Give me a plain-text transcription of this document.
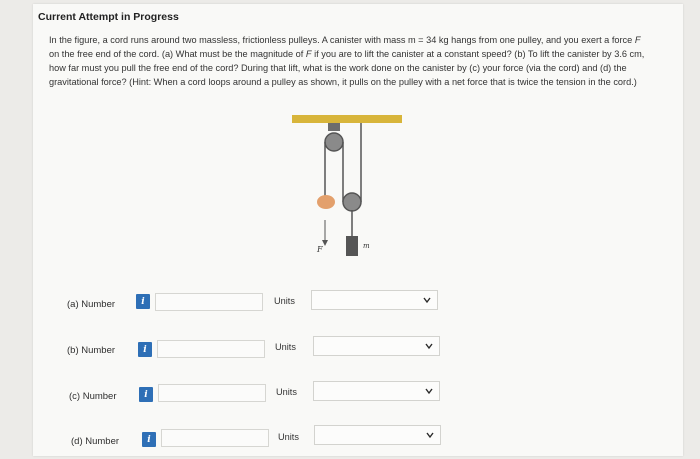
Current Attempt in Progress
In the figure, a cord runs around two massless, frictionless pulleys. A canister with mass m = 34 kg hangs from one pulley, and you exert a force F on the free end of the cord. (a) What must be the magnitude of F if you are to lift the canister at a constant speed? (b) To lift the canister by 3.6 cm, how far must you pull the free end of the cord? During that lift, what is the work done on the canister by (c) your force (via the cord) and (d) the gravitational force? (Hint: When a cord loops around a pulley as shown, it pulls on the pulley with a net force that is twice the tension in the cord.)
F	m
(a) Number	i	Units
(b) Number	i	Units
(c) Number	i	Units
(d) Number	i	Units
